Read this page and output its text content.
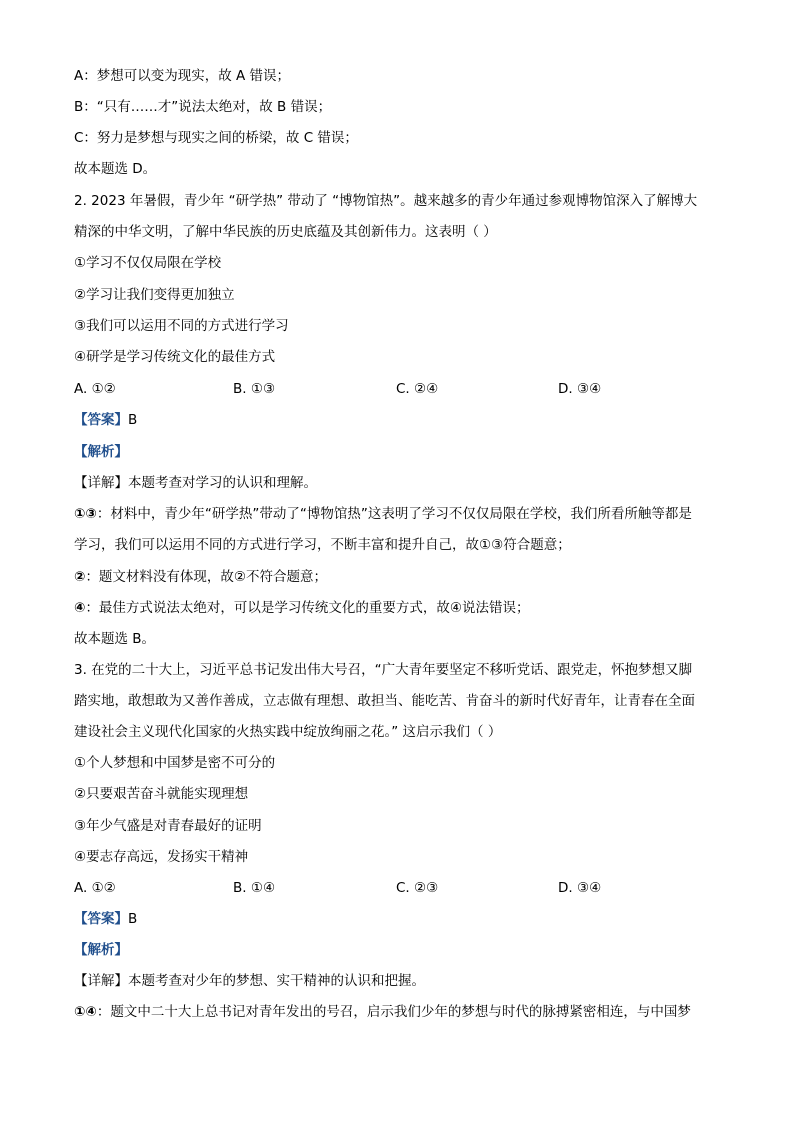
A：梦想可以变为现实，故 A 错误；
B：“只有……才”说法太绝对，故 B 错误；
C：努力是梦想与现实之间的桥梁，故 C 错误；
故本题选 D。
2. 2023 年暑假，青少年 “研学热” 带动了 “博物馆热”。越来越多的青少年通过参观博物馆深入了解博大
精深的中华文明，了解中华民族的历史底蕴及其创新伟力。这表明（ ）
①学习不仅仅局限在学校
②学习让我们变得更加独立
③我们可以运用不同的方式进行学习
④研学是学习传统文化的最佳方式
A. ①②	B. ①③	C. ②④	D. ③④
【答案】B
【解析】
【详解】本题考查对学习的认识和理解。
①③：材料中，青少年“研学热”带动了“博物馆热”这表明了学习不仅仅局限在学校，我们所看所触等都是
学习，我们可以运用不同的方式进行学习，不断丰富和提升自己，故①③符合题意；
②：题文材料没有体现，故②不符合题意；
④：最佳方式说法太绝对，可以是学习传统文化的重要方式，故④说法错误；
故本题选 B。
3. 在党的二十大上，习近平总书记发出伟大号召，“广大青年要坚定不移听党话、跟党走，怀抱梦想又脚
踏实地，敢想敢为又善作善成，立志做有理想、敢担当、能吃苦、肯奋斗的新时代好青年，让青春在全面
建设社会主义现代化国家的火热实践中绽放绚丽之花。” 这启示我们（ ）
①个人梦想和中国梦是密不可分的
②只要艰苦奋斗就能实现理想
③年少气盛是对青春最好的证明
④要志存高远，发扬实干精神
A. ①②	B. ①④	C. ②③	D. ③④
【答案】B
【解析】
【详解】本题考查对少年的梦想、实干精神的认识和把握。
①④：题文中二十大上总书记对青年发出的号召，启示我们少年的梦想与时代的脉搏紧密相连，与中国梦
